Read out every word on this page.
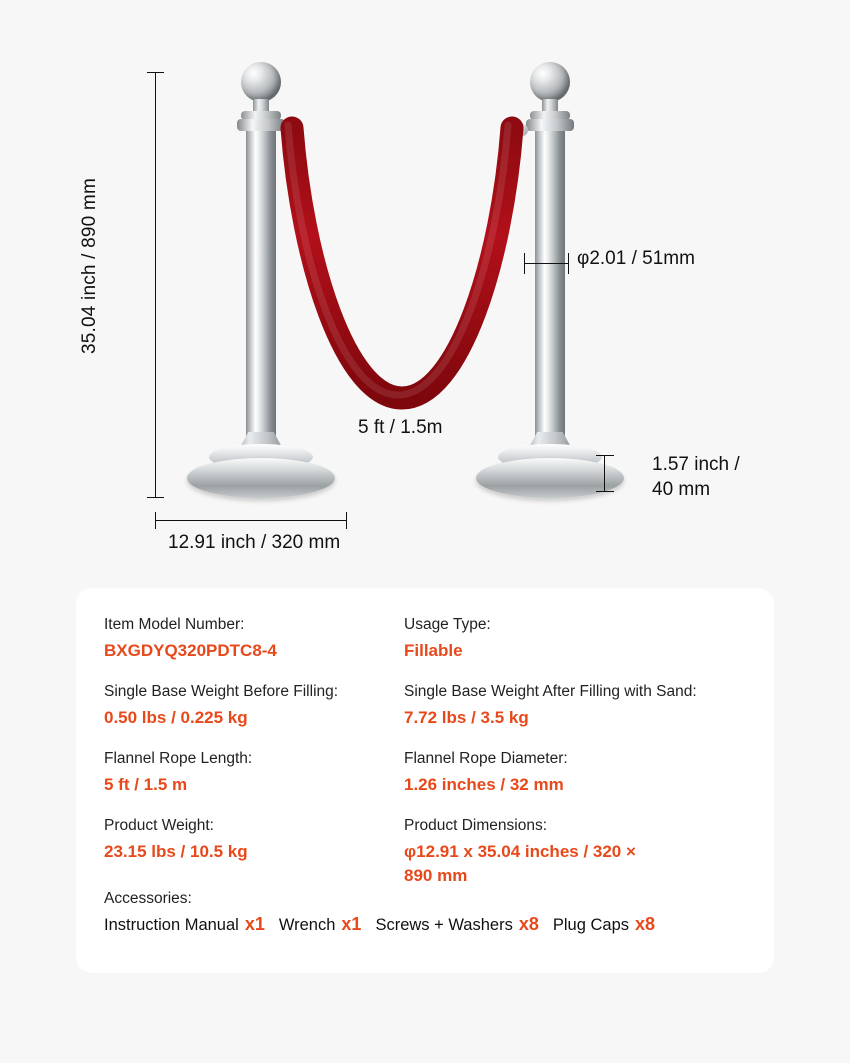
35.04 inch / 890 mm
12.91 inch / 320 mm
φ2.01 / 51mm
1.57 inch /
40 mm
5 ft / 1.5m
Item Model Number:
BXGDYQ320PDTC8-4
Usage Type:
Fillable
Single Base Weight Before Filling:
0.50 lbs / 0.225 kg
Single Base Weight After Filling with Sand:
7.72 lbs / 3.5 kg
Flannel Rope Length:
5 ft / 1.5 m
Flannel Rope Diameter:
1.26 inches / 32 mm
Product Weight:
23.15 lbs / 10.5 kg
Product Dimensions:
φ12.91 x 35.04 inches / 320 × 890 mm
Accessories:
Instruction Manual x1 Wrench x1 Screws + Washers x8 Plug Caps x8
